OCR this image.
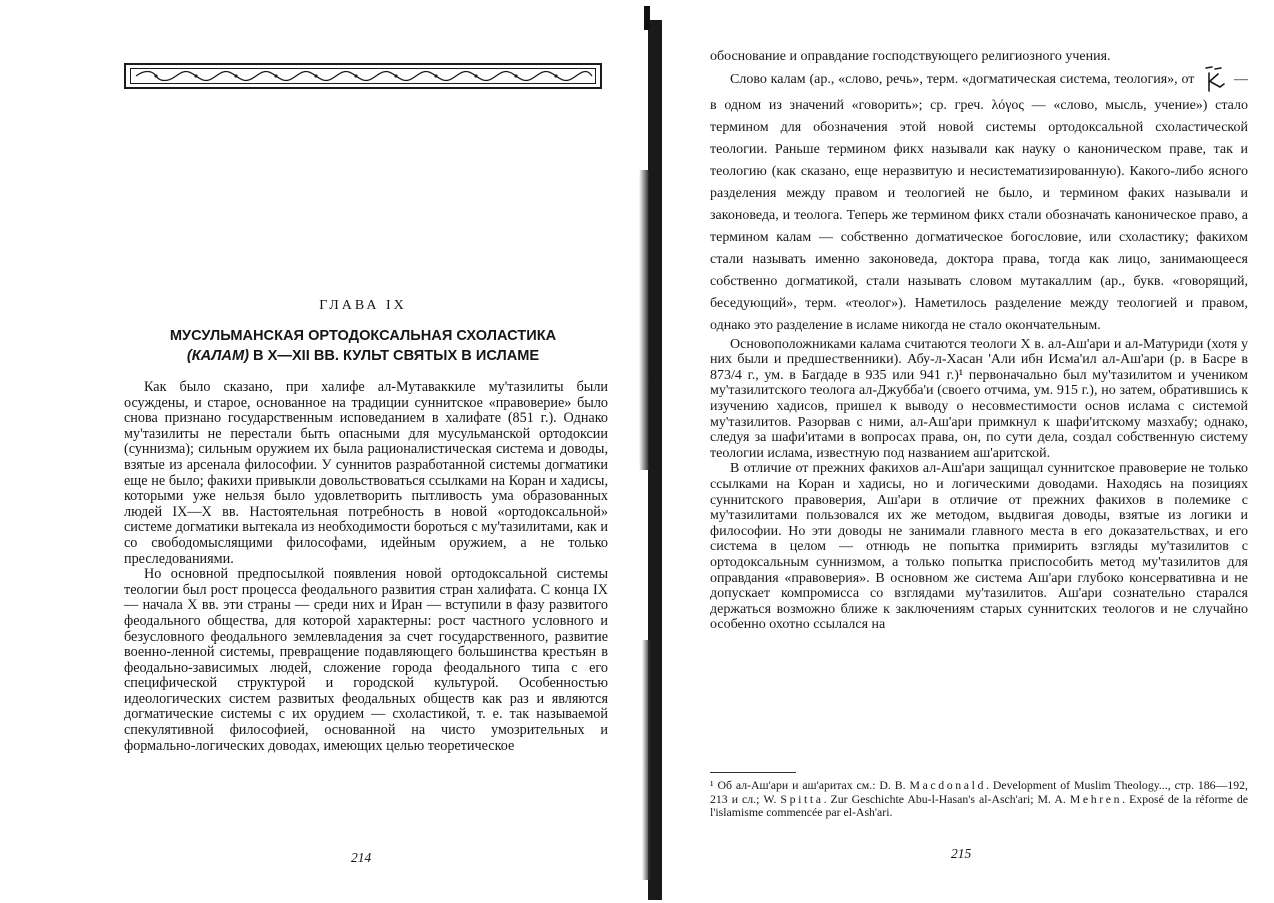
ГЛАВА IX

МУСУЛЬМАНСКАЯ ОРТОДОКСАЛЬНАЯ СХОЛАСТИКА
(КАЛАМ) В Х—XII ВВ. КУЛЬТ СВЯТЫХ В ИСЛАМЕ

Как было сказано, при халифе ал-Мутаваккиле му'тазилиты были осуждены, и старое, основанное на традиции суннитское «правоверие» было снова признано государственным исповеданием в халифате (851 г.). Однако му'тазилиты не перестали быть опасными для мусульманской ортодоксии (суннизма); сильным оружием их была рационалистическая система и доводы, взятые из арсенала философии. У суннитов разработанной системы догматики еще не было; факихи привыкли довольствоваться ссылками на Коран и хадисы, которыми уже нельзя было удовлетворить пытливость ума образованных людей IX—X вв. Настоятельная потребность в новой «ортодоксальной» системе догматики вытекала из необходимости бороться с му'тазилитами, как и со свободомыслящими философами, идейным оружием, а не только преследованиями.

Но основной предпосылкой появления новой ортодоксальной системы теологии был рост процесса феодального развития стран халифата. С конца IX — начала X вв. эти страны — среди них и Иран — вступили в фазу развитого феодального общества, для которой характерны: рост частного условного и безусловного феодального землевладения за счет государственного, развитие военно-ленной системы, превращение подавляющего большинства крестьян в феодально-зависимых людей, сложение города феодального типа с его специфической структурой и городской культурой. Особенностью идеологических систем развитых феодальных обществ как раз и являются догматические системы с их орудием — схоластикой, т. е. так называемой спекулятивной философией, основанной на чисто умозрительных и формально-логических доводах, имеющих целью теоретическое

214

обоснование и оправдание господствующего религиозного учения.

Слово калам (ар., «слово, речь», терм. «догматическая система, теология», от	— в одном из значений «говорить»; ср. греч. λόγος — «слово, мысль, учение») стало термином для обозначения этой новой системы ортодоксальной схоластической теологии. Раньше термином фикх называли как науку о каноническом праве, так и теологию (как сказано, еще неразвитую и несистематизированную). Какого-либо ясного разделения между правом и теологией не было, и термином факих называли и законоведа, и теолога. Теперь же термином фикх стали обозначать каноническое право, а термином калам — собственно догматическое богословие, или схоластику; факихом стали называть именно законоведа, доктора права, тогда как лицо, занимающееся собственно догматикой, стали называть словом мутакаллим (ар., букв. «говорящий, беседующий», терм. «теолог»). Наметилось разделение между теологией и правом, однако это разделение в исламе никогда не стало окончательным.

Основоположниками калама считаются теологи X в. ал-Аш'ари и ал-Матуриди (хотя у них были и предшественники). Абу-л-Хасан 'Али ибн Исма'ил ал-Аш'ари (р. в Басре в 873/4 г., ум. в Багдаде в 935 или 941 г.)¹ первоначально был му'тазилитом и учеником му'тазилитского теолога ал-Джубба'и (своего отчима, ум. 915 г.), но затем, обратившись к изучению хадисов, пришел к выводу о несовместимости основ ислама с системой му'тазилитов. Разорвав с ними, ал-Аш'ари примкнул к шафи'итскому мазхабу; однако, следуя за шафи'итами в вопросах права, он, по сути дела, создал собственную систему теологии ислама, известную под названием аш'аритской.

В отличие от прежних факихов ал-Аш'ари защищал суннитское правоверие не только ссылками на Коран и хадисы, но и логическими доводами. Находясь на позициях суннитского правоверия, Аш'ари в отличие от прежних факихов в полемике с му'тазилитами пользовался их же методом, выдвигая доводы, взятые из логики и философии. Но эти доводы не занимали главного места в его доказательствах, и его система в целом — отнюдь не попытка примирить взгляды му'тазилитов с ортодоксальным суннизмом, а только попытка приспособить метод му'тазилитов для оправдания «правоверия». В основном же система Аш'ари глубоко консервативна и не допускает компромисса со взглядами му'тазилитов. Аш'ари сознательно старался держаться возможно ближе к заключениям старых суннитских теологов и не случайно особенно охотно ссылался на

¹ Об ал-Аш'ари и аш'аритах см.: D. B. Macdonald. Development of Muslim Theology..., стр. 186—192, 213 и сл.; W. Spitta. Zur Geschichte Abu-l-Hasan's al-Asch'ari; M. A. Mehren. Exposé de la réforme de l'islamisme commencée par el-Ash'ari.

215
